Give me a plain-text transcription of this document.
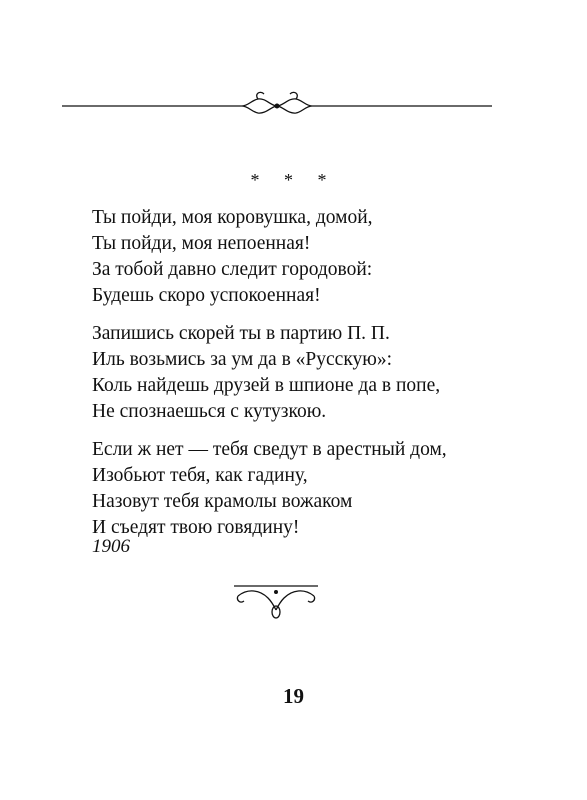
* * *
Ты пойди, моя коровушка, домой,
Ты пойди, моя непоенная!
За тобой давно следит городовой:
Будешь скоро успокоенная!
Запишись скорей ты в партию П. П.
Иль возьмись за ум да в «Русскую»:
Коль найдешь друзей в шпионе да в попе,
Не спознаешься с кутузкою.
Если ж нет — тебя сведут в арестный дом,
Изобьют тебя, как гадину,
Назовут тебя крамолы вожаком
И съедят твою говядину!
1906
19
